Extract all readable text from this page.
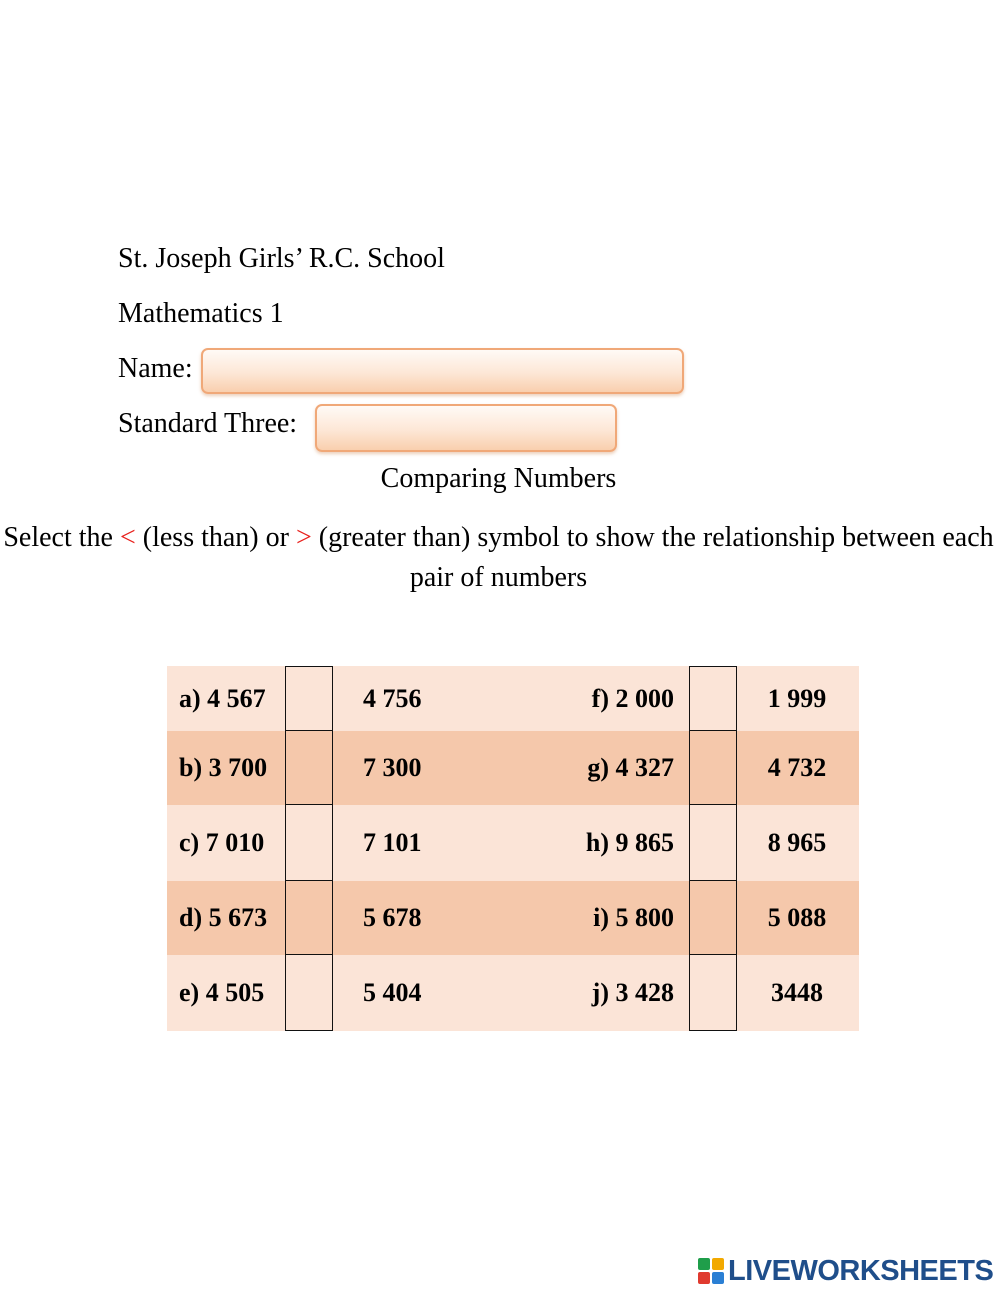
St. Joseph Girls’ R.C. School
Mathematics 1
Name:
Standard Three:
Comparing Numbers
Select the < (less than) or > (greater than) symbol to show the relationship between each pair of numbers
a) 4 567	4 756	f) 2 000	1 999
b) 3 700	7 300	g) 4 327	4 732
c) 7 010	7 101	h) 9 865	8 965
d) 5 673	5 678	i) 5 800	5 088
e) 4 505	5 404	j) 3 428	3448
LIVEWORKSHEETS
